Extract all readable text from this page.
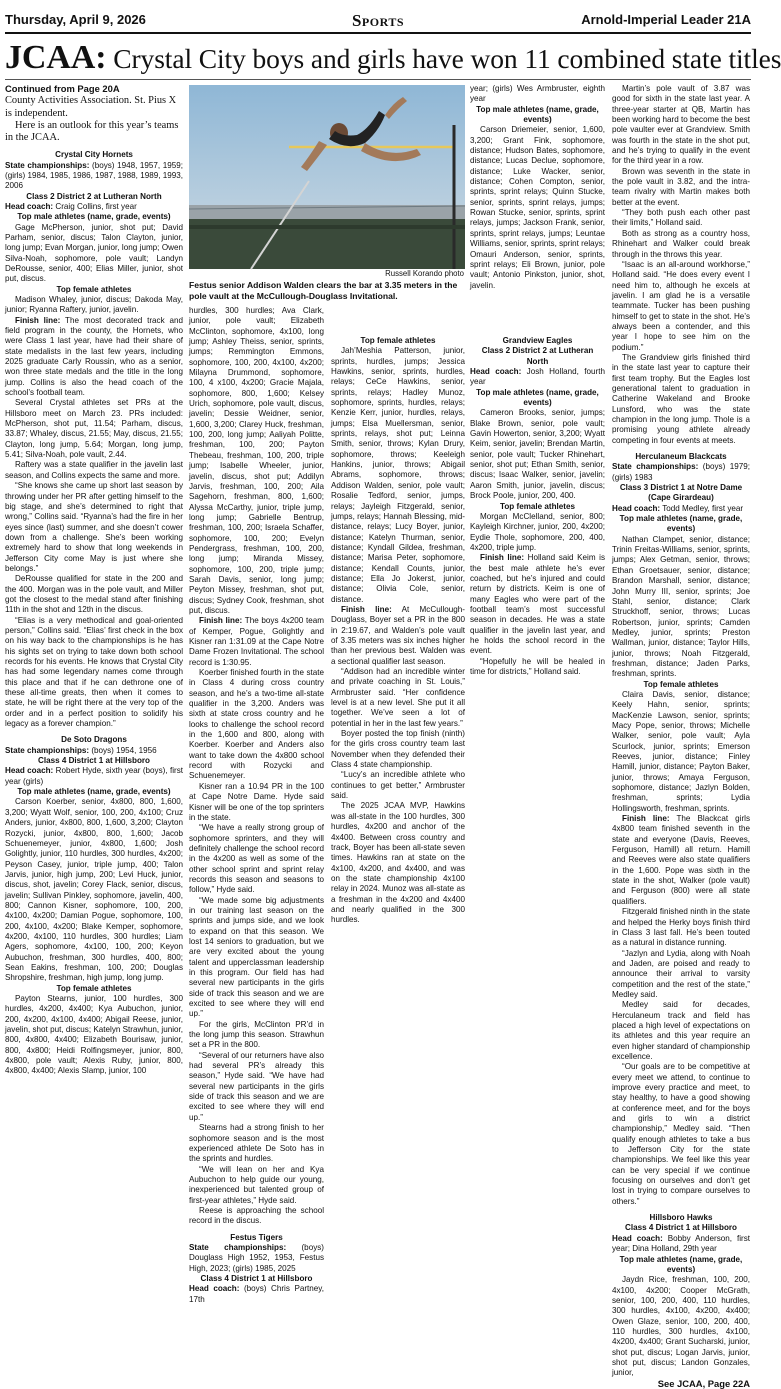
Thursday, April 9, 2026	Sports	Arnold-Imperial Leader 21A
JCAA: Crystal City boys and girls have won 11 combined state titles

Continued from Page 20A

County Activities Association. St. Pius X is independent.

Here is an outlook for this year’s teams in the JCAA.

Crystal City Hornets

State championships: (boys) 1948, 1957, 1959; (girls) 1984, 1985, 1986, 1987, 1988, 1989, 1993, 2006

Class 2 District 2 at Lutheran North

Head coach: Craig Collins, first year

Top male athletes (name, grade, events)

Gage McPherson, junior, shot put; David Parham, senior, discus; Talon Clayton, junior, long jump; Evan Morgan, junior, long jump; Owen Silva-Noah, sophomore, pole vault; Landyn DeRousse, senior, 400; Elias Miller, junior, shot put, discus.

Top female athletes

Madison Whaley, junior, discus; Dakoda May, junior; Ryanna Raftery, junior, javelin.

Finish line: The most decorated track and field program in the county, the Hornets, who were Class 1 last year, have had their share of state medalists in the last few years, including 2025 graduate Carly Roussin, who as a senior, won three state medals and the title in the long jump. Collins is also the head coach of the school’s football team.

Several Crystal athletes set PRs at the Hillsboro meet on March 23. PRs included: McPherson, shot put, 11.54; Parham, discus, 33.87; Whaley, discus, 21.55; May, discus, 21.55; Clayton, long jump, 5.64; Morgan, long jump, 5.41; Silva-Noah, pole vault, 2.44.

Raftery was a state qualifier in the javelin last season, and Collins expects the same and more.

“She knows she came up short last season by throwing under her PR after getting himself to the big stage, and she’s determined to right that wrong,” Collins said. “Ryanna’s had the fire in her eyes since (last) summer, and she doesn’t cower down from a challenge. She’s been working extremely hard to show that long weekends in Jefferson City come May is just where she belongs.”

DeRousse qualified for state in the 200 and the 400. Morgan was in the pole vault, and Miller got the closest to the medal stand after finishing 11th in the shot and 12th in the discus.

“Elias is a very methodical and goal-oriented person,” Collins said. “Elias’ first check in the box on his way back to the championships is he has his sights set on trying to take down both school records for his events. He knows that Crystal City has had some legendary names come through this place and that if he can dethrone one of these all-time greats, then when it comes to state, he will be right there at the very top of the order and in a perfect position to solidify his legacy as a forever champion.”

De Soto Dragons

State championships: (boys) 1954, 1956

Class 4 District 1 at Hillsboro

Head coach: Robert Hyde, sixth year (boys), first year (girls)

Top male athletes (name, grade, events)

Carson Koerber, senior, 4x800, 800, 1,600, 3,200; Wyatt Wolf, senior, 100, 200, 4x100; Cruz Anders, junior, 4x800, 800, 1,600, 3,200; Clayton Rozycki, junior, 4x800, 800, 1,600; Jacob Schuenemeyer, junior, 4x800, 1,600; Josh Golightly, junior, 110 hurdles, 300 hurdles, 4x200; Peyson Casey, junior, triple jump, 400; Talon Jarvis, junior, high jump, 200; Levi Huck, junior, discus, shot, javelin; Corey Flack, senior, discus, javelin; Sullivan Pinkley, sophomore, javelin, 400, 800; Cannon Kisner, sophomore, 100, 200, 4x100, 4x200; Damian Pogue, sophomore, 100, 200, 4x100, 4x200; Blake Kemper, sophomore, 4x200, 4x100, 110 hurdles, 300 hurdles; Liam Agers, sophomore, 4x100, 100, 200; Keyon Aubuchon, freshman, 300 hurdles, 400, 800; Sean Eakins, freshman, 100, 200; Douglas Shropshire, freshman, high jump, long jump.

Top female athletes

Payton Stearns, junior, 100 hurdles, 300 hurdles, 4x200, 4x400; Kya Aubuchon, junior, 200, 4x200, 4x100, 4x400; Abigail Reese, junior, javelin, shot put, discus; Katelyn Strawhun, junior, 800, 4x800, 4x400; Elizabeth Bourisaw, junior, 800, 4x800; Heidi Rolfingsmeyer, junior, 800, 4x800, pole vault; Alexis Ruby, junior, 800, 4x800, 4x400; Alexis Slamp, junior, 100

Russell Korando photo
Festus senior Addison Walden clears the bar at 3.35 meters in the pole vault at the McCullough-Douglass Invitational.

hurdles, 300 hurdles; Ava Clark, junior, pole vault; Elizabeth McClinton, sophomore, 4x100, long jump; Ashley Theiss, senior, sprints, jumps; Remmington Emmons, sophomore, 100, 200, 4x100, 4x200; Milayna Drummond, sophomore, 100, 4 x100, 4x200; Gracie Majala, sophomore, 800, 1,600; Kelsey Urich, sophomore, pole vault, discus, javelin; Dessie Weidner, senior, 1,600, 3,200; Clarey Huck, freshman, 100, 200, long jump; Aaliyah Politte, freshman, 100, 200; Payton Thebeau, freshman, 100, 200, triple jump; Isabelle Wheeler, junior, javelin, discus, shot put; Addilyn Jarvis, freshman, 100, 200; Aila Sagehorn, freshman, 800, 1,600; Alyssa McCarthy, junior, triple jump, long jump; Gabrielle Bentrup, freshman, 100, 200; Israela Schaffer, sophomore, 100, 200; Evelyn Pendergrass, freshman, 100, 200, long jump; Miranda Missey, sophomore, 100, 200, triple jump; Sarah Davis, senior, long jump; Peyton Missey, freshman, shot put, discus; Sydney Cook, freshman, shot put, discus.

Finish line: The boys 4x200 team of Kemper, Pogue, Golightly and Kisner ran 1:31.09 at the Cape Notre Dame Frozen Invitational. The school record is 1:30.95.

Koerber finished fourth in the state in Class 4 during cross country season, and he’s a two-time all-state qualifier in the 3,200. Anders was sixth at state cross country and he looks to challenge the school record in the 1,600 and 800, along with Koerber. Koerber and Anders also want to take down the 4x800 school record with Rozycki and Schuenemeyer.

Kisner ran a 10.94 PR in the 100 at Cape Notre Dame. Hyde said Kisner will be one of the top sprinters in the state.

“We have a really strong group of sophomore sprinters, and they will definitely challenge the school record in the 4x200 as well as some of the other school sprint and sprint relay records this season and seasons to follow,” Hyde said.

“We made some big adjustments in our training last season on the sprints and jumps side, and we look to expand on that this season. We lost 14 seniors to graduation, but we are very excited about the young talent and upperclassman leadership in this program. Our field has had several new participants in the girls side of track this season and we are excited to see where they will end up.”

For the girls, McClinton PR’d in the long jump this season. Strawhun set a PR in the 800.

“Several of our returners have also had several PR’s already this season,” Hyde said. “We have had several new participants in the girls side of track this season and we are excited to see where they will end up.”

Stearns had a strong finish to her sophomore season and is the most experienced athlete De Soto has in the sprints and hurdles.

“We will lean on her and Kya Aubuchon to help guide our young, inexperienced but talented group of first-year athletes,” Hyde said.

Reese is approaching the school record in the discus.

Festus Tigers

State championships: (boys) Douglass High 1952, 1953, Festus High, 2023; (girls) 1985, 2025

Class 4 District 1 at Hillsboro

Head coach: (boys) Chris Partney, 17th

year; (girls) Wes Armbruster, eighth year

Top male athletes (name, grade, events)

Carson Driemeier, senior, 1,600, 3,200; Grant Fink, sophomore, distance; Hudson Bates, sophomore, distance; Lucas Declue, sophomore, distance; Luke Wacker, senior, distance; Cohen Compton, senior, sprints, sprint relays; Quinn Stucke, senior, sprints, sprint relays, jumps; Rowan Stucke, senior, sprints, sprint relays, jumps; Jackson Frank, senior, sprints, sprint relays, jumps; Leuntae Williams, senior, sprints, sprint relays; Omauri Anderson, senior, sprints, sprint relays; Eli Brown, junior, pole vault; Antonio Pinkston, junior, shot, javelin.

Top female athletes

Jah’Meshia Patterson, junior, sprints, hurdles, jumps; Jessica Hawkins, senior, sprints, hurdles, relays; CeCe Hawkins, senior, sprints, relays; Hadley Munoz, sophomore, sprints, hurdles, relays; Kenzie Kerr, junior, hurdles, relays, jumps; Elsa Muellersman, senior, sprints, relays, shot put; Leinna Smith, senior, throws; Kylan Drury, sophomore, throws; Keeleigh Hankins, junior, throws; Abigail Abrams, sophomore, throws; Addison Walden, senior, pole vault; Rosalie Tedford, senior, jumps, relays; Jayleigh Fitzgerald, senior, jumps, relays; Hannah Blessing, mid-distance, relays; Lucy Boyer, junior, distance; Katelyn Thurman, senior, distance; Kyndall Gildea, freshman, distance; Marisa Peter, sophomore, distance; Kendall Counts, junior, distance; Ella Jo Jokerst, junior, distance; Olivia Cole, senior, distance.

Finish line: At McCullough-Douglass, Boyer set a PR in the 800 in 2:19.67, and Walden’s pole vault of 3.35 meters was six inches higher than her previous best. Walden was a sectional qualifier last season.

“Addison had an incredible winter and private coaching in St. Louis,” Armbruster said. “Her confidence level is at a new level. She put it all together. We’ve seen a lot of potential in her in the last few years.”

Boyer posted the top finish (ninth) for the girls cross country team last November when they defended their Class 4 state championship.

“Lucy’s an incredible athlete who continues to get better,” Armbruster said.

The 2025 JCAA MVP, Hawkins was all-state in the 100 hurdles, 300 hurdles, 4x200 and anchor of the 4x400. Between cross country and track, Boyer has been all-state seven times. Hawkins ran at state on the 4x100, 4x200, and 4x400, and was on the state championship 4x100 relay in 2024. Munoz was all-state as a freshman in the 4x200 and 4x400 and nearly qualified in the 300 hurdles.

Grandview Eagles

Class 2 District 2 at Lutheran North

Head coach: Josh Holland, fourth year

Top male athletes (name, grade, events)

Cameron Brooks, senior, jumps; Blake Brown, senior, pole vault; Gavin Howerton, senior, 3,200; Wyatt Keim, senior, javelin; Brendan Martin, senior, pole vault; Tucker Rhinehart, senior, shot put; Ethan Smith, senior, discus; Isaac Walker, senior, javelin; Aaron Smith, junior, javelin, discus; Brock Poole, junior, 200, 400.

Top female athletes

Morgan McClelland, senior, 800; Kayleigh Kirchner, junior, 200, 4x200; Eydie Thole, sophomore, 200, 400, 4x200, triple jump.

Finish line: Holland said Keim is the best male athlete he’s ever coached, but he’s injured and could return by districts. Keim is one of many Eagles who were part of the football team’s most successful season in decades. He was a state qualifier in the javelin last year, and he holds the school record in the event.

“Hopefully he will be healed in time for districts,” Holland said.

Martin’s pole vault of 3.87 was good for sixth in the state last year. A three-year starter at QB, Martin has been working hard to become the best pole vaulter ever at Grandview. Smith was fourth in the state in the shot put, and he’s trying to qualify in the event for the third year in a row.

Brown was seventh in the state in the pole vault in 3.82, and the intra-team rivalry with Martin makes both better at the event.

“They both push each other past their limits,” Holland said.

Both as strong as a country hoss, Rhinehart and Walker could break through in the throws this year.

“Isaac is an all-around workhorse,” Holland said. “He does every event I need him to, although he excels at javelin. I am glad he is a versatile teammate. Tucker has been pushing himself to get to state in the shot. He’s always been a contender, and this year I hope to see him on the podium.”

The Grandview girls finished third in the state last year to capture their first team trophy. But the Eagles lost generational talent to graduation in Catherine Wakeland and Brooke Lunsford, who was the state champion in the long jump. Thole is a promising young athlete already competing in four events at meets.

Herculaneum Blackcats

State championships: (boys) 1979; (girls) 1983

Class 3 District 1 at Notre Dame (Cape Girardeau)

Head coach: Todd Medley, first year

Top male athletes (name, grade, events)

Nathan Clampet, senior, distance; Trinin Freitas-Williams, senior, sprints, jumps; Alex Getman, senior, throws; Ethan Groetsauer, senior, distance; Brandon Marshall, senior, distance; John Murry III, senior, sprints; Joe Stahl, senior, distance; Clark Struckhoff, senior, throws; Lucas Robertson, junior, sprints; Camden Medley, junior, sprints; Preston Wallman, junior, distance; Taylor Hills, junior, throws; Noah Fitzgerald, freshman, distance; Jaden Parks, freshman, sprints.

Top female athletes

Claira Davis, senior, distance; Keely Hahn, senior, sprints; MacKenzie Lawson, senior, sprints; Macy Pope, senior, throws; Michelle Walker, senior, pole vault; Ayla Scurlock, junior, sprints; Emerson Reeves, junior, distance; Finley Hamill, junior, distance; Payton Baker, junior, throws; Amaya Ferguson, sophomore, distance; Jazlyn Bolden, freshman, sprints; Lydia Hollingsworth, freshman, sprints.

Finish line: The Blackcat girls 4x800 team finished seventh in the state and everyone (Davis, Reeves, Ferguson, Hamill) all return. Hamill and Reeves were also state qualifiers in the 1,600. Pope was sixth in the state in the shot, Walker (pole vault) and Ferguson (800) were all state qualifiers.

Fitzgerald finished ninth in the state and helped the Herky boys finish third in Class 3 last fall. He’s been touted as a natural in distance running.

“Jazlyn and Lydia, along with Noah and Jaden, are poised and ready to announce their arrival to varsity competition and the rest of the state,” Medley said.

Medley said for decades, Herculaneum track and field has placed a high level of expectations on its athletes and this year require an even higher standard of championship excellence.

“Our goals are to be competitive at every meet we attend, to continue to improve every practice and meet, to stay healthy, to have a good showing at conference meet, and for the boys and girls to win a district championship,” Medley said. “Then qualify enough athletes to take a bus to Jefferson City for the state championships. We feel like this year can be very special if we continue focusing on ourselves and don’t get lost in trying to compare ourselves to others.”

Hillsboro Hawks

Class 4 District 1 at Hillsboro

Head coach: Bobby Anderson, first year; Dina Holland, 29th year

Top male athletes (name, grade, events)

Jaydn Rice, freshman, 100, 200, 4x100, 4x200; Cooper McGrath, senior, 100, 200, 400, 110 hurdles, 300 hurdles, 4x100, 4x200, 4x400; Owen Glaze, senior, 100, 200, 400, 110 hurdles, 300 hurdles, 4x100, 4x200, 4x400; Grant Sucharski, junior, shot put, discus; Logan Jarvis, junior, shot put, discus; Landon Gonzales, junior,

See JCAA, Page 22A
